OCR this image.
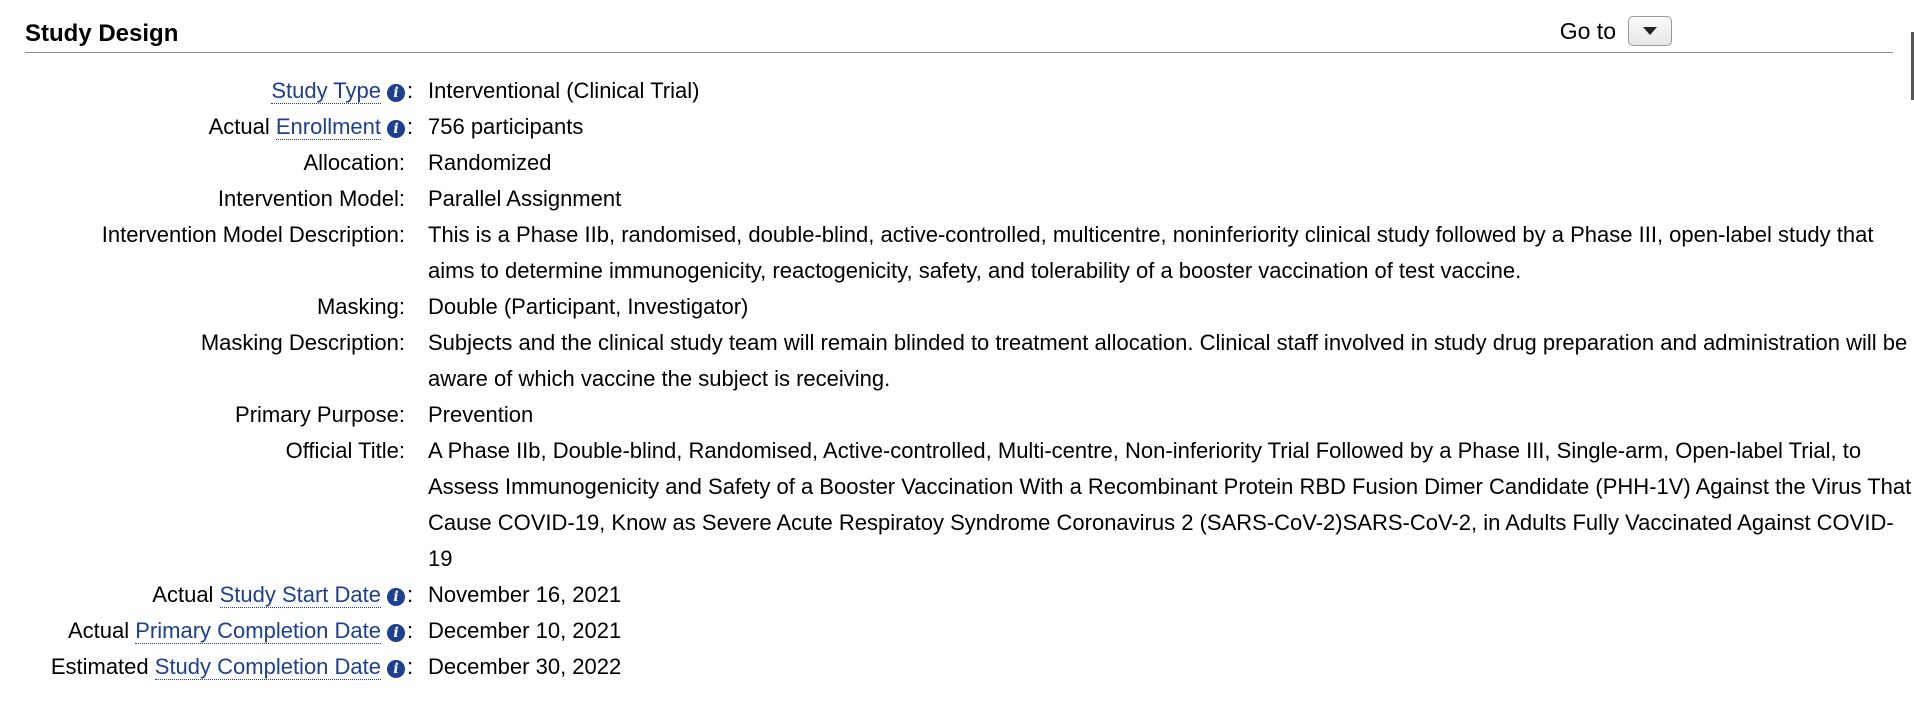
Study Design	Go to
Study Type i	:	Interventional (Clinical Trial)
Actual Enrollment i	:	756 participants
Allocation:		Randomized
Intervention Model:		Parallel Assignment
Intervention Model Description:		This is a Phase IIb, randomised, double-blind, active-controlled, multicentre, noninferiority clinical study followed by a Phase III, open-label study that aims to determine immunogenicity, reactogenicity, safety, and tolerability of a booster vaccination of test vaccine.
Masking:		Double (Participant, Investigator)
Masking Description:		Subjects and the clinical study team will remain blinded to treatment allocation. Clinical staff involved in study drug preparation and administration will be aware of which vaccine the subject is receiving.
Primary Purpose:		Prevention
Official Title:		A Phase IIb, Double-blind, Randomised, Active-controlled, Multi-centre, Non-inferiority Trial Followed by a Phase III, Single-arm, Open-label Trial, to Assess Immunogenicity and Safety of a Booster Vaccination With a Recombinant Protein RBD Fusion Dimer Candidate (PHH-1V) Against the Virus That Cause COVID-19, Know as Severe Acute Respiratoy Syndrome Coronavirus 2 (SARS-CoV-2)SARS-CoV-2, in Adults Fully Vaccinated Against COVID-19
Actual Study Start Date i	:	November 16, 2021
Actual Primary Completion Date i	:	December 10, 2021
Estimated Study Completion Date i	:	December 30, 2022
